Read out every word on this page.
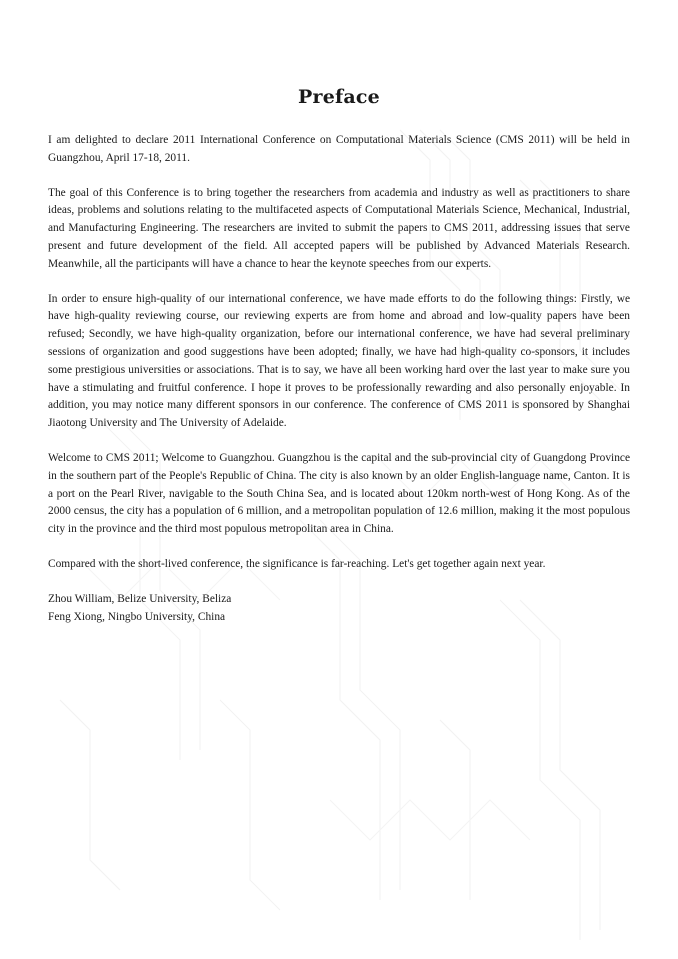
Preface

I am delighted to declare 2011 International Conference on Computational Materials Science (CMS 2011) will be held in Guangzhou, April 17-18, 2011.

The goal of this Conference is to bring together the researchers from academia and industry as well as practitioners to share ideas, problems and solutions relating to the multifaceted aspects of Computational Materials Science, Mechanical, Industrial, and Manufacturing Engineering. The researchers are invited to submit the papers to CMS 2011, addressing issues that serve present and future development of the field. All accepted papers will be published by Advanced Materials Research. Meanwhile, all the participants will have a chance to hear the keynote speeches from our experts.

In order to ensure high-quality of our international conference, we have made efforts to do the following things: Firstly, we have high-quality reviewing course, our reviewing experts are from home and abroad and low-quality papers have been refused; Secondly, we have high-quality organization, before our international conference, we have had several preliminary sessions of organization and good suggestions have been adopted; finally, we have had high-quality co-sponsors, it includes some prestigious universities or associations. That is to say, we have all been working hard over the last year to make sure you have a stimulating and fruitful conference. I hope it proves to be professionally rewarding and also personally enjoyable. In addition, you may notice many different sponsors in our conference. The conference of CMS 2011 is sponsored by Shanghai Jiaotong University and The University of Adelaide.

Welcome to CMS 2011; Welcome to Guangzhou. Guangzhou is the capital and the sub-provincial city of Guangdong Province in the southern part of the People's Republic of China. The city is also known by an older English-language name, Canton. It is a port on the Pearl River, navigable to the South China Sea, and is located about 120km north-west of Hong Kong. As of the 2000 census, the city has a population of 6 million, and a metropolitan population of 12.6 million, making it the most populous city in the province and the third most populous metropolitan area in China.

Compared with the short-lived conference, the significance is far-reaching. Let's get together again next year.

Zhou William, Belize University, Beliza

Feng Xiong, Ningbo University, China
